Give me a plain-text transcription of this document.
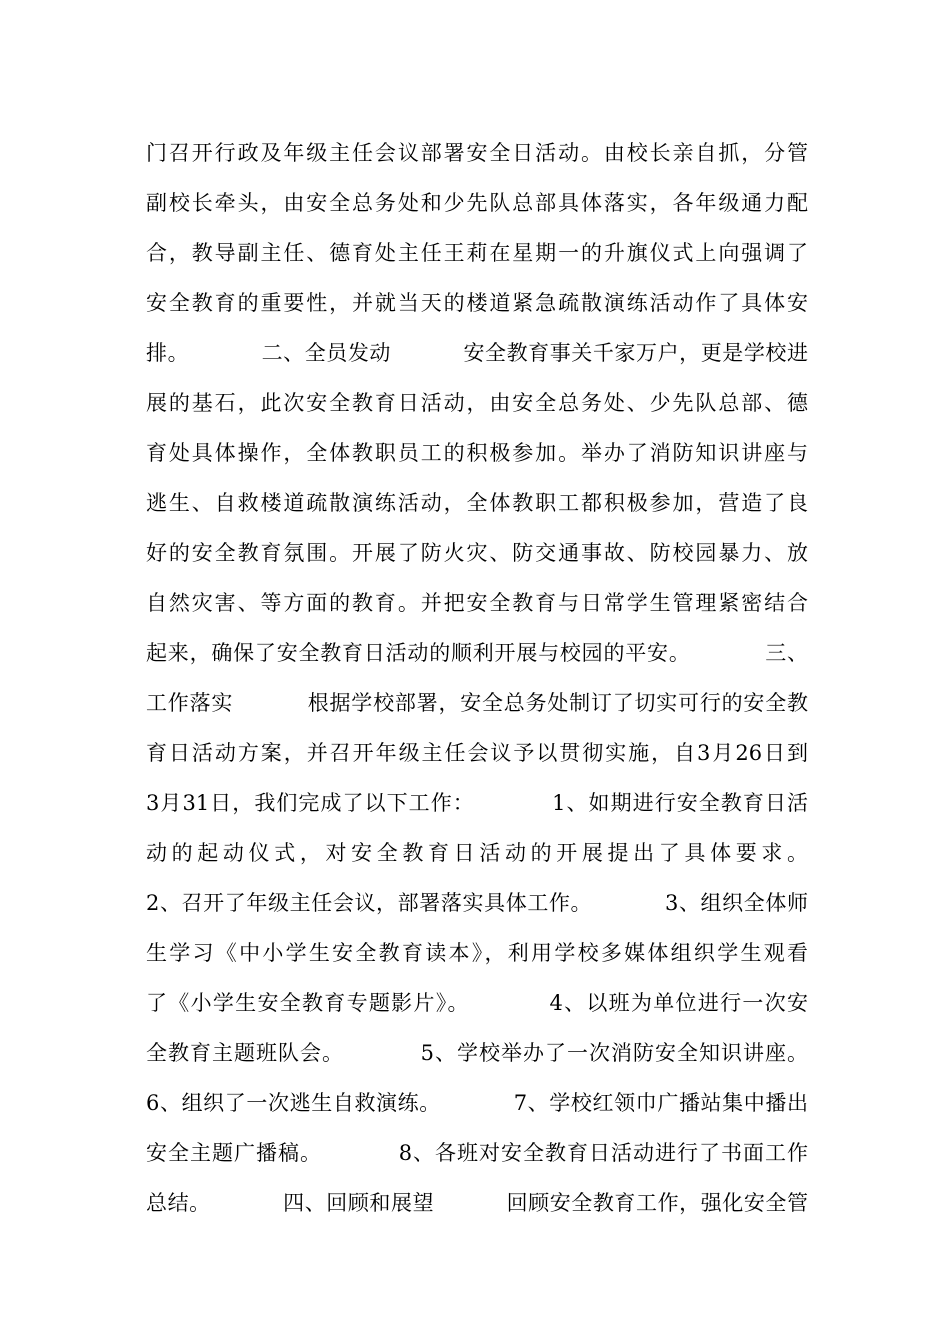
门召开行政及年级主任会议部署安全日活动。由校长亲自抓，分管
副校长牵头，由安全总务处和少先队总部具体落实，各年级通力配
合，教导副主任、德育处主任王莉在星期一的升旗仪式上向强调了
安全教育的重要性，并就当天的楼道紧急疏散演练活动作了具体安
排。          二、全员发动          安全教育事关千家万户，更是学校进
展的基石，此次安全教育日活动，由安全总务处、少先队总部、德
育处具体操作，全体教职员工的积极参加。举办了消防知识讲座与
逃生、自救楼道疏散演练活动，全体教职工都积极参加，营造了良
好的安全教育氛围。开展了防火灾、防交通事故、防校园暴力、放
自然灾害、等方面的教育。并把安全教育与日常学生管理紧密结合
起来，确保了安全教育日活动的顺利开展与校园的平安。          三、
工作落实          根据学校部署，安全总务处制订了切实可行的安全教
育日活动方案，并召开年级主任会议予以贯彻实施，自3月26日到
3月31日，我们完成了以下工作：          1、如期进行安全教育日活
动的起动仪式，对安全教育日活动的开展提出了具体要求。
2、召开了年级主任会议，部署落实具体工作。          3、组织全体师
生学习《中小学生安全教育读本》，利用学校多媒体组织学生观看
了《小学生安全教育专题影片》。          4、以班为单位进行一次安
全教育主题班队会。          5、学校举办了一次消防安全知识讲座。
6、组织了一次逃生自救演练。          7、学校红领巾广播站集中播出
安全主题广播稿。          8、各班对安全教育日活动进行了书面工作
总结。          四、回顾和展望          回顾安全教育工作，强化安全管
